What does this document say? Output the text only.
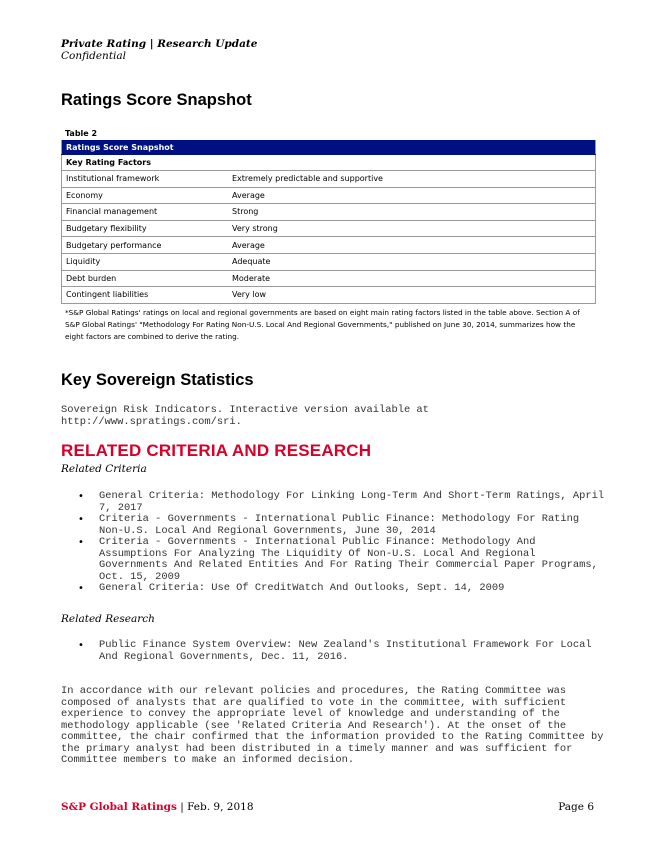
Private Rating | Research Update
Confidential
Ratings Score Snapshot
Table 2
Ratings Score Snapshot	
Key Rating Factors	
Institutional framework	Extremely predictable and supportive
Economy	Average
Financial management	Strong
Budgetary flexibility	Very strong
Budgetary performance	Average
Liquidity	Adequate
Debt burden	Moderate
Contingent liabilities	Very low
*S&P Global Ratings' ratings on local and regional governments are based on eight main rating factors listed in the table above. Section A of S&P Global Ratings' "Methodology For Rating Non-U.S. Local And Regional Governments," published on June 30, 2014, summarizes how the eight factors are combined to derive the rating.
Key Sovereign Statistics
Sovereign Risk Indicators. Interactive version available at
http://www.spratings.com/sri.
RELATED CRITERIA AND RESEARCH
Related Criteria
• General Criteria: Methodology For Linking Long-Term And Short-Term Ratings, April 7, 2017
• Criteria - Governments - International Public Finance: Methodology For Rating Non-U.S. Local And Regional Governments, June 30, 2014
• Criteria - Governments - International Public Finance: Methodology And Assumptions For Analyzing The Liquidity Of Non-U.S. Local And Regional Governments And Related Entities And For Rating Their Commercial Paper Programs, Oct. 15, 2009
• General Criteria: Use Of CreditWatch And Outlooks, Sept. 14, 2009
Related Research
• Public Finance System Overview: New Zealand's Institutional Framework For Local And Regional Governments, Dec. 11, 2016.
In accordance with our relevant policies and procedures, the Rating Committee was composed of analysts that are qualified to vote in the committee, with sufficient experience to convey the appropriate level of knowledge and understanding of the methodology applicable (see 'Related Criteria And Research'). At the onset of the committee, the chair confirmed that the information provided to the Rating Committee by the primary analyst had been distributed in a timely manner and was sufficient for Committee members to make an informed decision.
S&P Global Ratings | Feb. 9, 2018	Page 6
